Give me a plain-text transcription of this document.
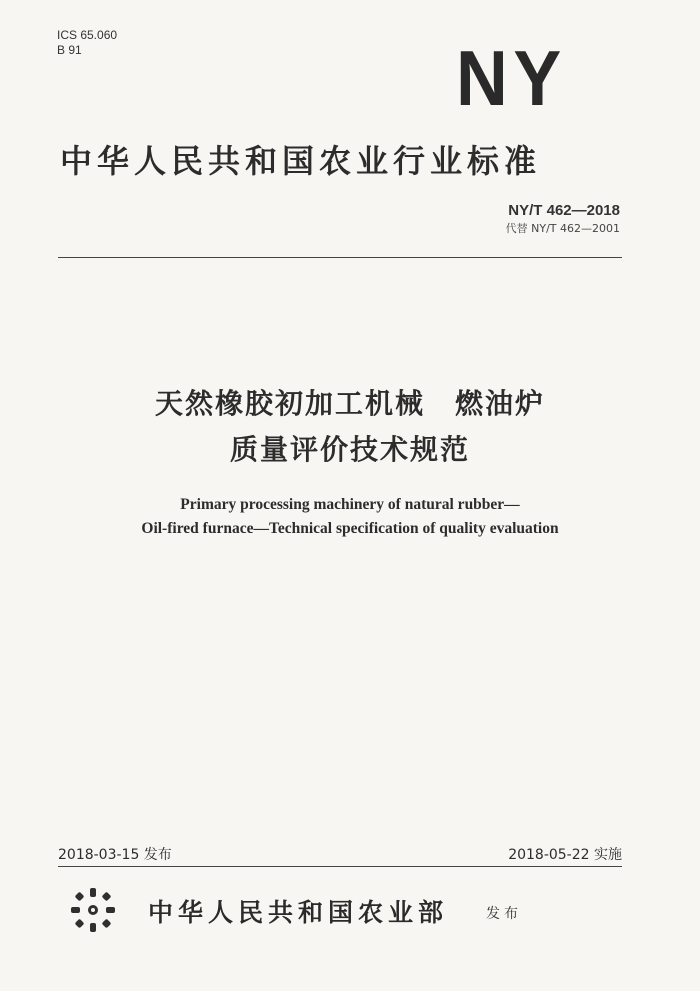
ICS 65.060
B 91	NY
中华人民共和国农业行业标准
NY/T 462—2018
代替 NY/T 462—2001
天然橡胶初加工机械　燃油炉
质量评价技术规范
Primary processing machinery of natural rubber—
Oil-fired furnace—Technical specification of quality evaluation
2018-03-15 发布	2018-05-22 实施
中华人民共和国农业部	发布
